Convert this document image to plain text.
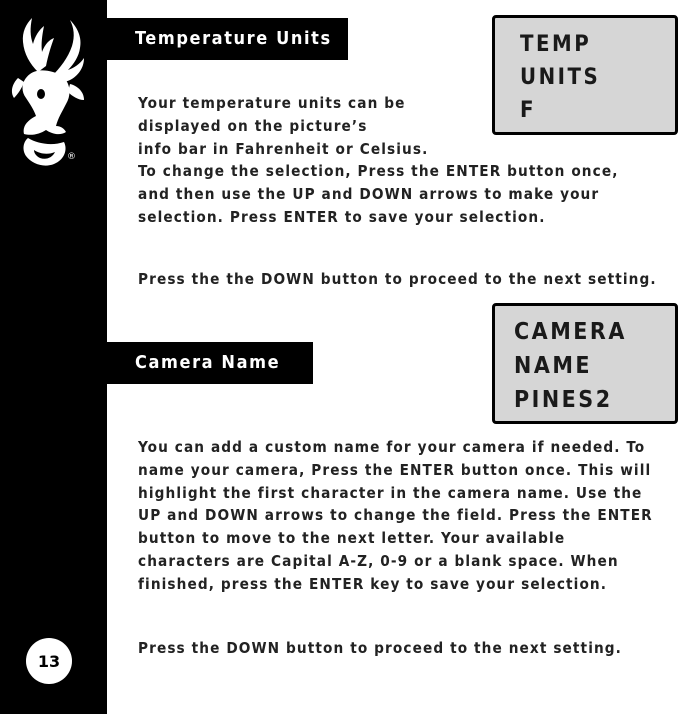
®
13
Temperature Units	TEMP
UNITS
F
Your temperature units can be
displayed on the picture’s
info bar in Fahrenheit or Celsius.
To change the selection, Press the ENTER button once,
and then use the UP and DOWN arrows to make your
selection. Press ENTER to save your selection.
Press the the DOWN button to proceed to the next setting.
Camera Name
CAMERA
NAME
PINES2
You can add a custom name for your camera if needed. To
name your camera, Press the ENTER button once. This will
highlight the first character in the camera name. Use the
UP and DOWN arrows to change the field. Press the ENTER
button to move to the next letter. Your available
characters are Capital A-Z, 0-9 or a blank space. When
finished, press the ENTER key to save your selection.
Press the DOWN button to proceed to the next setting.
